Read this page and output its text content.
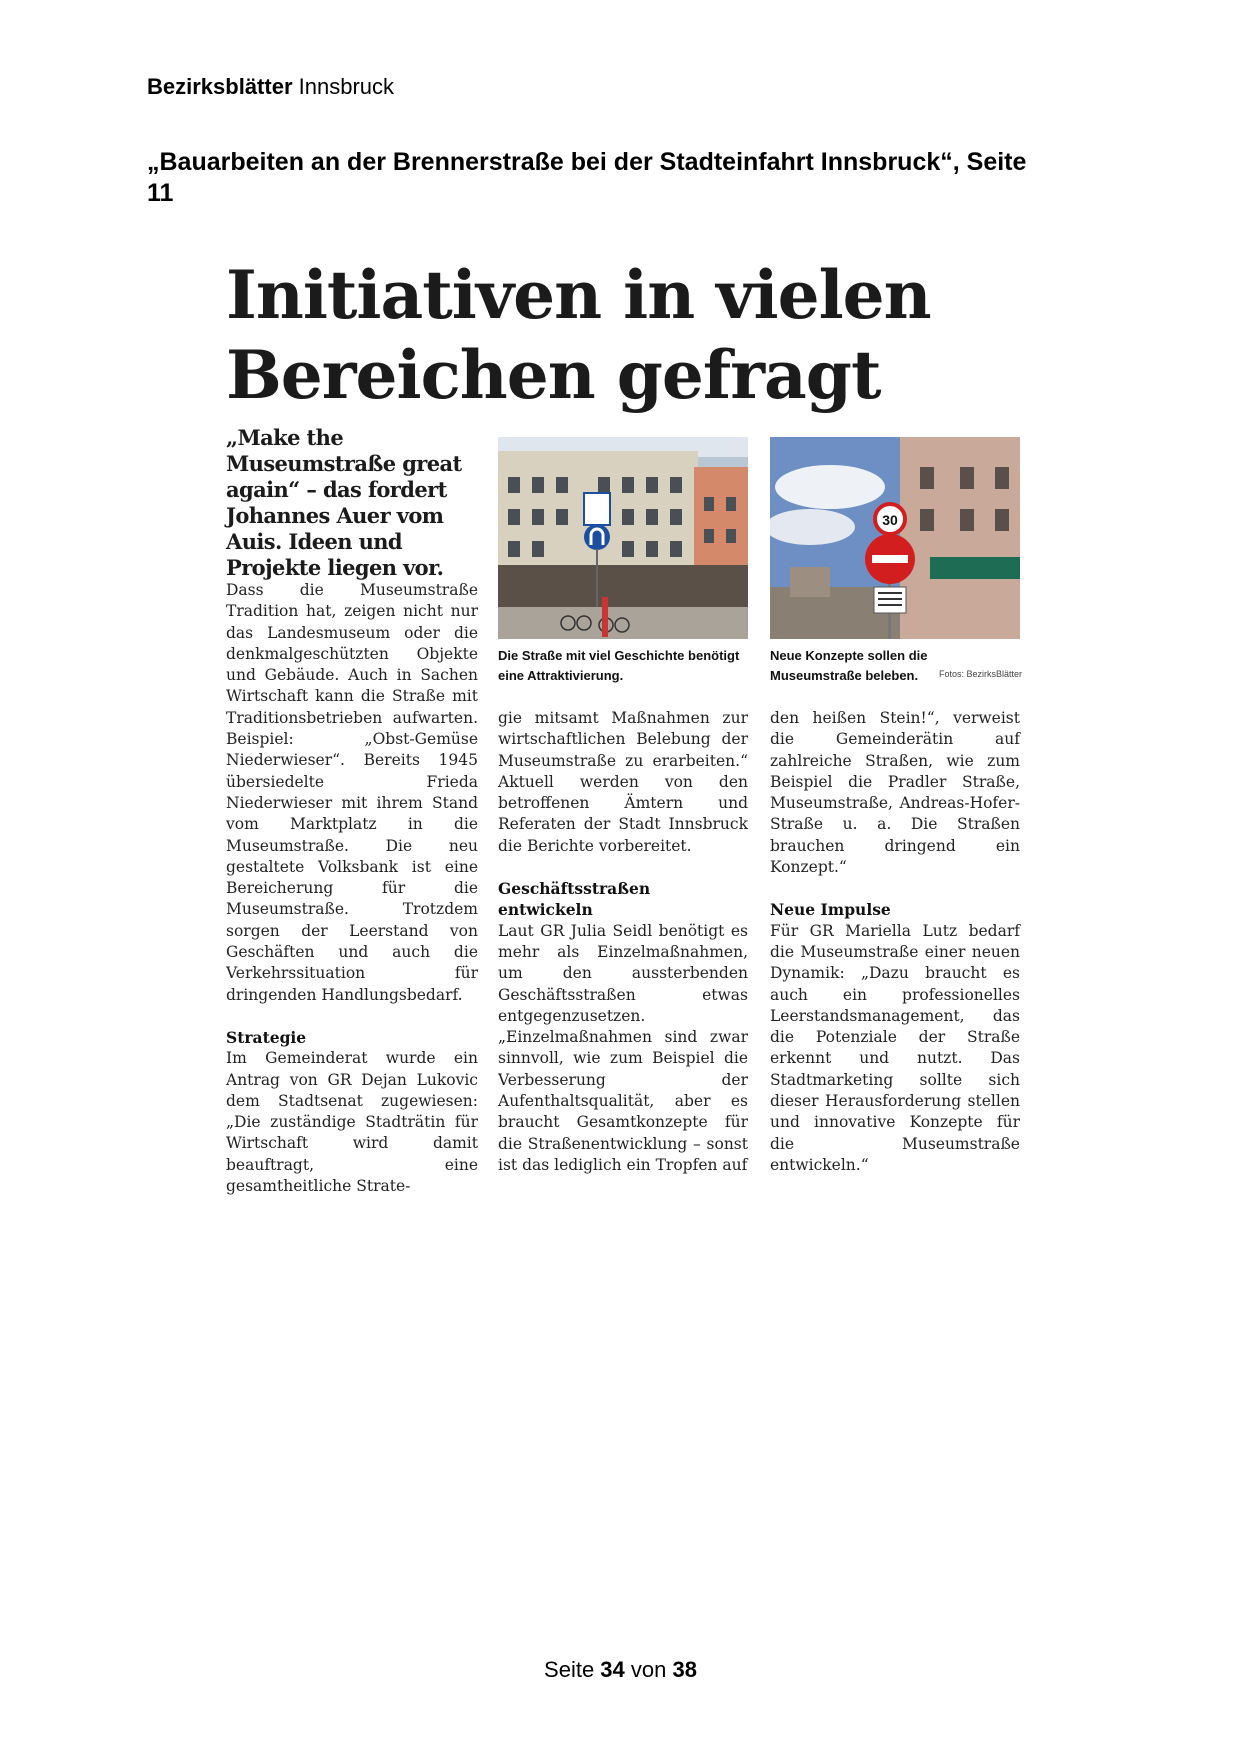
Bezirksblätter Innsbruck
„Bauarbeiten an der Brennerstraße bei der Stadteinfahrt Innsbruck“, Seite 11
Initiativen in vielen
Bereichen gefragt
„Make the Museumstraße great again“ – das fordert Johannes Auer vom Auis. Ideen und Projekte liegen vor.
30
Die Straße mit viel Geschichte benötigt eine Attraktivierung.
Neue Konzepte sollen die Museumstraße beleben.	Fotos: BezirksBlätter

Dass die Museumstraße Tradition hat, zeigen nicht nur das Landesmuseum oder die denkmalgeschützten Objekte und Gebäude. Auch in Sachen Wirtschaft kann die Straße mit Traditionsbetrieben aufwarten. Beispiel: „Obst-Gemüse Niederwieser“. Bereits 1945 übersiedelte Frieda Niederwieser mit ihrem Stand vom Marktplatz in die Museumstraße. Die neu gestaltete Volksbank ist eine Bereicherung für die Museumstraße. Trotzdem sorgen der Leerstand von Geschäften und auch die Verkehrssituation für dringenden Handlungsbedarf.

Strategie

Im Gemeinderat wurde ein Antrag von GR Dejan Lukovic dem Stadtsenat zugewiesen: „Die zuständige Stadträtin für Wirtschaft wird damit beauftragt, eine gesamtheitliche Strate-

gie mitsamt Maßnahmen zur wirtschaftlichen Belebung der Museumstraße zu erarbeiten.“ Aktuell werden von den betroffenen Ämtern und Referaten der Stadt Innsbruck die Berichte vorbereitet.

Geschäftsstraßen entwickeln

Laut GR Julia Seidl benötigt es mehr als Einzelmaßnahmen, um den aussterbenden Geschäftsstraßen etwas entgegenzusetzen. „Einzelmaßnahmen sind zwar sinnvoll, wie zum Beispiel die Verbesserung der Aufenthaltsqualität, aber es braucht Gesamtkonzepte für die Straßenentwicklung – sonst ist das lediglich ein Tropfen auf

den heißen Stein!“, verweist die Gemeinderätin auf zahlreiche Straßen, wie zum Beispiel die Pradler Straße, Museumstraße, Andreas-Hofer-Straße u. a. Die Straßen brauchen dringend ein Konzept.“

Neue Impulse

Für GR Mariella Lutz bedarf die Museumstraße einer neuen Dynamik: „Dazu braucht es auch ein professionelles Leerstandsmanagement, das die Potenziale der Straße erkennt und nutzt. Das Stadtmarketing sollte sich dieser Herausforderung stellen und innovative Konzepte für die Museumstraße entwickeln.“

Seite 34 von 38
